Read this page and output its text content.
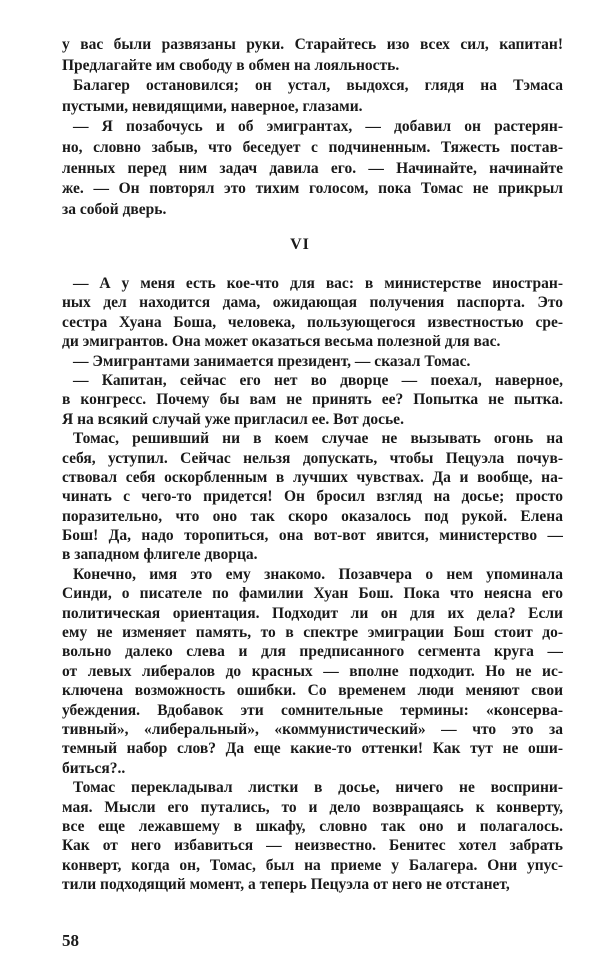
у вас были развязаны руки. Старайтесь изо всех сил, капитан!
Предлагайте им свободу в обмен на лояльность.
Балагер остановился; он устал, выдохся, глядя на Тэмаса
пустыми, невидящими, наверное, глазами.
— Я позабочусь и об эмигрантах, — добавил он растерян-
но, словно забыв, что беседует с подчиненным. Тяжесть постав-
ленных перед ним задач давила его. — Начинайте, начинайте
же. — Он повторял это тихим голосом, пока Томас не прикрыл
за собой дверь.
VI
— А у меня есть кое-что для вас: в министерстве иностран-
ных дел находится дама, ожидающая получения паспорта. Это
сестра Хуана Боша, человека, пользующегося известностью сре-
ди эмигрантов. Она может оказаться весьма полезной для вас.
— Эмигрантами занимается президент, — сказал Томас.
— Капитан, сейчас его нет во дворце — поехал, наверное,
в конгресс. Почему бы вам не принять ее? Попытка не пытка.
Я на всякий случай уже пригласил ее. Вот досье.
Томас, решивший ни в коем случае не вызывать огонь на
себя, уступил. Сейчас нельзя допускать, чтобы Пецуэла почув-
ствовал себя оскорбленным в лучших чувствах. Да и вообще, на-
чинать с чего-то придется! Он бросил взгляд на досье; просто
поразительно, что оно так скоро оказалось под рукой. Елена
Бош! Да, надо торопиться, она вот-вот явится, министерство —
в западном флигеле дворца.
Конечно, имя это ему знакомо. Позавчера о нем упоминала
Синди, о писателе по фамилии Хуан Бош. Пока что неясна его
политическая ориентация. Подходит ли он для их дела? Если
ему не изменяет память, то в спектре эмиграции Бош стоит до-
вольно далеко слева и для предписанного сегмента круга —
от левых либералов до красных — вполне подходит. Но не ис-
ключена возможность ошибки. Со временем люди меняют свои
убеждения. Вдобавок эти сомнительные термины: «консерва-
тивный», «либеральный», «коммунистический» — что это за
темный набор слов? Да еще какие-то оттенки! Как тут не оши-
биться?..
Томас перекладывал листки в досье, ничего не восприни-
мая. Мысли его путались, то и дело возвращаясь к конверту,
все еще лежавшему в шкафу, словно так оно и полагалось.
Как от него избавиться — неизвестно. Бенитес хотел забрать
конверт, когда он, Томас, был на приеме у Балагера. Они упус-
тили подходящий момент, а теперь Пецуэла от него не отстанет,
58
